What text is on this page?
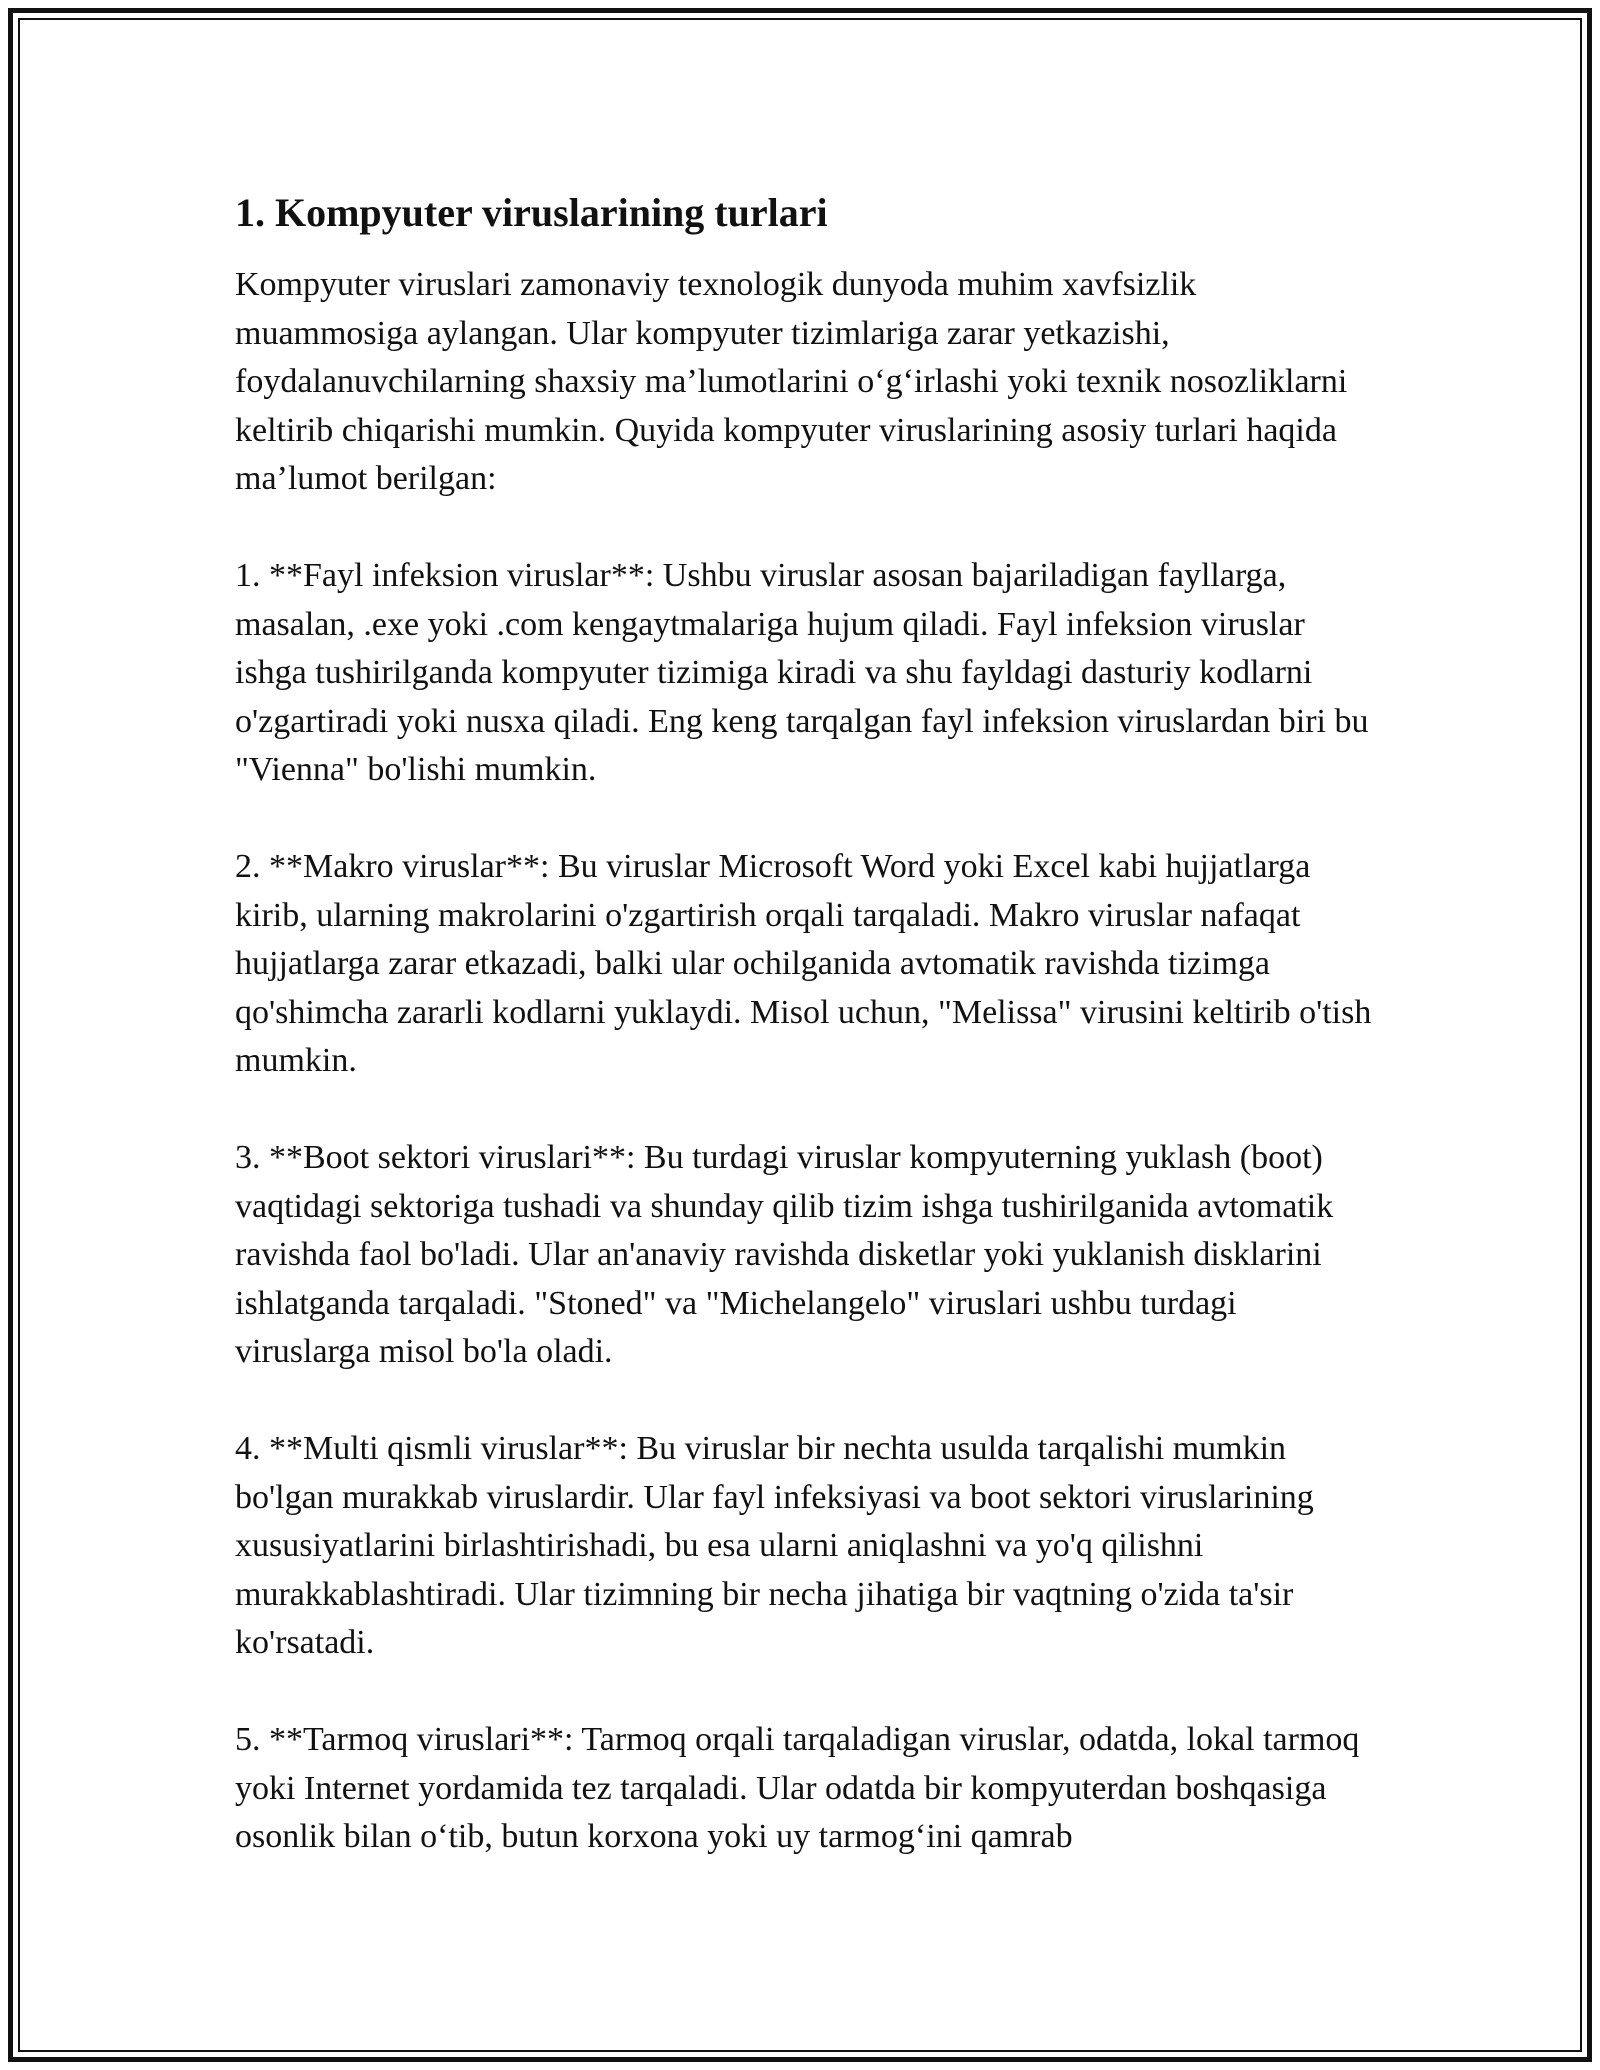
1. Kompyuter viruslarining turlari

Kompyuter viruslari zamonaviy texnologik dunyoda muhim xavfsizlik muammosiga aylangan. Ular kompyuter tizimlariga zarar yetkazishi, foydalanuvchilarning shaxsiy ma’lumotlarini o‘g‘irlashi yoki texnik nosozliklarni keltirib chiqarishi mumkin. Quyida kompyuter viruslarining asosiy turlari haqida ma’lumot berilgan:

1. **Fayl infeksion viruslar**: Ushbu viruslar asosan bajariladigan fayllarga, masalan, .exe yoki .com kengaytmalariga hujum qiladi. Fayl infeksion viruslar ishga tushirilganda kompyuter tizimiga kiradi va shu fayldagi dasturiy kodlarni o'zgartiradi yoki nusxa qiladi. Eng keng tarqalgan fayl infeksion viruslardan biri bu "Vienna" bo'lishi mumkin.

2. **Makro viruslar**: Bu viruslar Microsoft Word yoki Excel kabi hujjatlarga kirib, ularning makrolarini o'zgartirish orqali tarqaladi. Makro viruslar nafaqat hujjatlarga zarar etkazadi, balki ular ochilganida avtomatik ravishda tizimga qo'shimcha zararli kodlarni yuklaydi. Misol uchun, "Melissa" virusini keltirib o'tish mumkin.

3. **Boot sektori viruslari**: Bu turdagi viruslar kompyuterning yuklash (boot) vaqtidagi sektoriga tushadi va shunday qilib tizim ishga tushirilganida avtomatik ravishda faol bo'ladi. Ular an'anaviy ravishda disketlar yoki yuklanish disklarini ishlatganda tarqaladi. "Stoned" va "Michelangelo" viruslari ushbu turdagi viruslarga misol bo'la oladi.

4. **Multi qismli viruslar**: Bu viruslar bir nechta usulda tarqalishi mumkin bo'lgan murakkab viruslardir. Ular fayl infeksiyasi va boot sektori viruslarining xususiyatlarini birlashtirishadi, bu esa ularni aniqlashni va yo'q qilishni murakkablashtiradi. Ular tizimning bir necha jihatiga bir vaqtning o'zida ta'sir ko'rsatadi.

5. **Tarmoq viruslari**: Tarmoq orqali tarqaladigan viruslar, odatda, lokal tarmoq yoki Internet yordamida tez tarqaladi. Ular odatda bir kompyuterdan boshqasiga osonlik bilan o‘tib, butun korxona yoki uy tarmog‘ini qamrab
